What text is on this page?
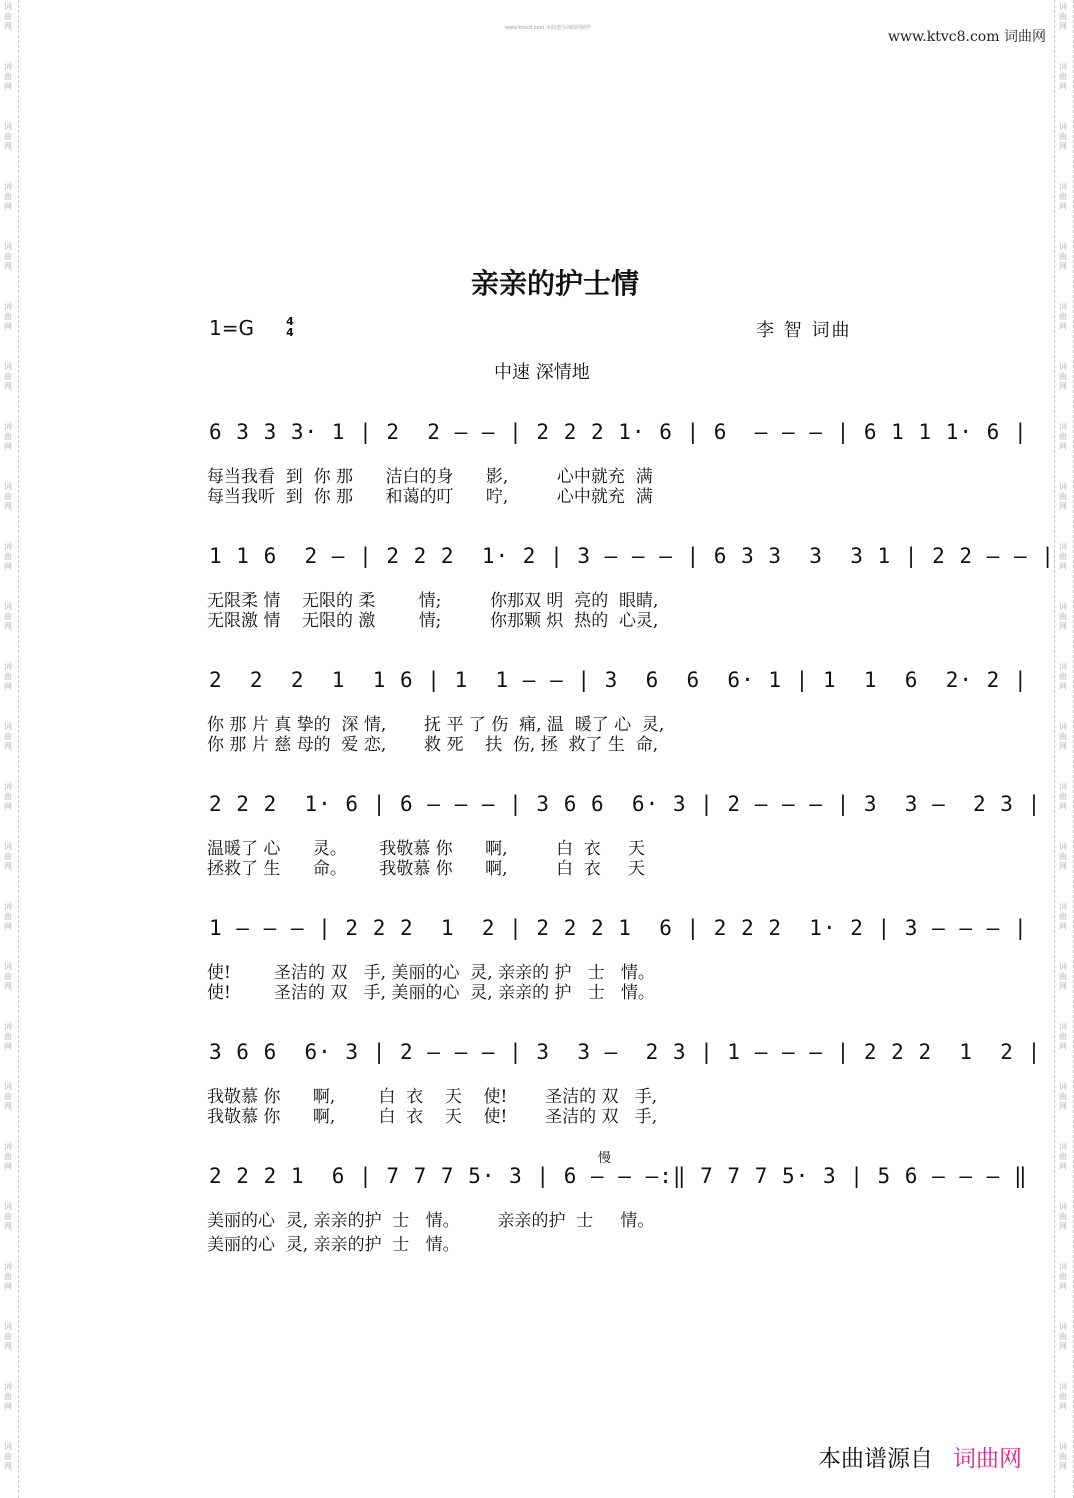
词
曲
网
词
曲
网
词
曲
网
词
曲
网
词
曲
网
词
曲
网
词
曲
网
词
曲
网
词
曲
网
词
曲
网
词
曲
网
词
曲
网
词
曲
网
词
曲
网
词
曲
网
词
曲
网
词
曲
网
词
曲
网
词
曲
网
词
曲
网
词
曲
网
词
曲
网
词
曲
网
词
曲
网
词
曲
网
词
曲
网
词
曲
网
词
曲
网
词
曲
网
词
曲
网
词
曲
网
词
曲
网
词
曲
网
词
曲
网
词
曲
网
词
曲
网
词
曲
网
词
曲
网
词
曲
网
词
曲
网
词
曲
网
词
曲
网
词
曲
网
词
曲
网
词
曲
网
词
曲
网
词
曲
网
词
曲
网
词
曲
网
词
曲
网
www.ktvc8.com 本曲谱为词曲网制作
www.ktvc8.com 词曲网
亲亲的护士情
1=G	4
4	李 智 词曲
中速 深情地
6 3 3 3· 1 | 2  2 — — | 2 2 2 1· 6 | 6  — — — | 6 1 1 1· 6 |
每当我看  到  你 那      洁白的身      影,         心中就充  满
每当我听  到  你 那      和蔼的叮      咛,         心中就充  满
1 1 6  2 — | 2 2 2  1· 2 | 3 — — — | 6 3 3  3  3 1 | 2 2 — — |
无限柔 情    无限的 柔        情;         你那双 明  亮的  眼睛,
无限激 情    无限的 激        情;         你那颗 炽  热的  心灵,
2  2  2  1  1 6 | 1  1 — — | 3  6  6  6· 1 | 1  1  6  2· 2 |
你 那 片 真 挚的  深 情,       抚 平 了 伤  痛, 温  暖了 心  灵,
你 那 片 慈 母的  爱 恋,       救 死    扶  伤, 拯  救了 生  命,
2 2 2  1· 6 | 6 — — — | 3 6 6  6· 3 | 2 — — — | 3  3 —  2 3 |
温暖了 心      灵。      我敬慕 你      啊,         白  衣     天
拯救了 生      命。      我敬慕 你      啊,         白  衣     天
1 — — — | 2 2 2  1  2 | 2 2 2 1  6 | 2 2 2  1· 2 | 3 — — — |
使!        圣洁的 双   手, 美丽的心  灵, 亲亲的 护   士   情。
使!        圣洁的 双   手, 美丽的心  灵, 亲亲的 护   士   情。
3 6 6  6· 3 | 2 — — — | 3  3 —  2 3 | 1 — — — | 2 2 2  1  2 |
我敬慕 你      啊,        白  衣    天    使!       圣洁的 双   手,
我敬慕 你      啊,        白  衣    天    使!       圣洁的 双   手,
慢
2 2 2 1  6 | 7 7 7 5· 3 | 6 — — —:‖ 7 7 7 5· 3 | 5 6 — — — ‖
美丽的心  灵, 亲亲的护  士   情。       亲亲的护  士     情。
美丽的心  灵, 亲亲的护  士   情。
本曲谱源自 词曲网
